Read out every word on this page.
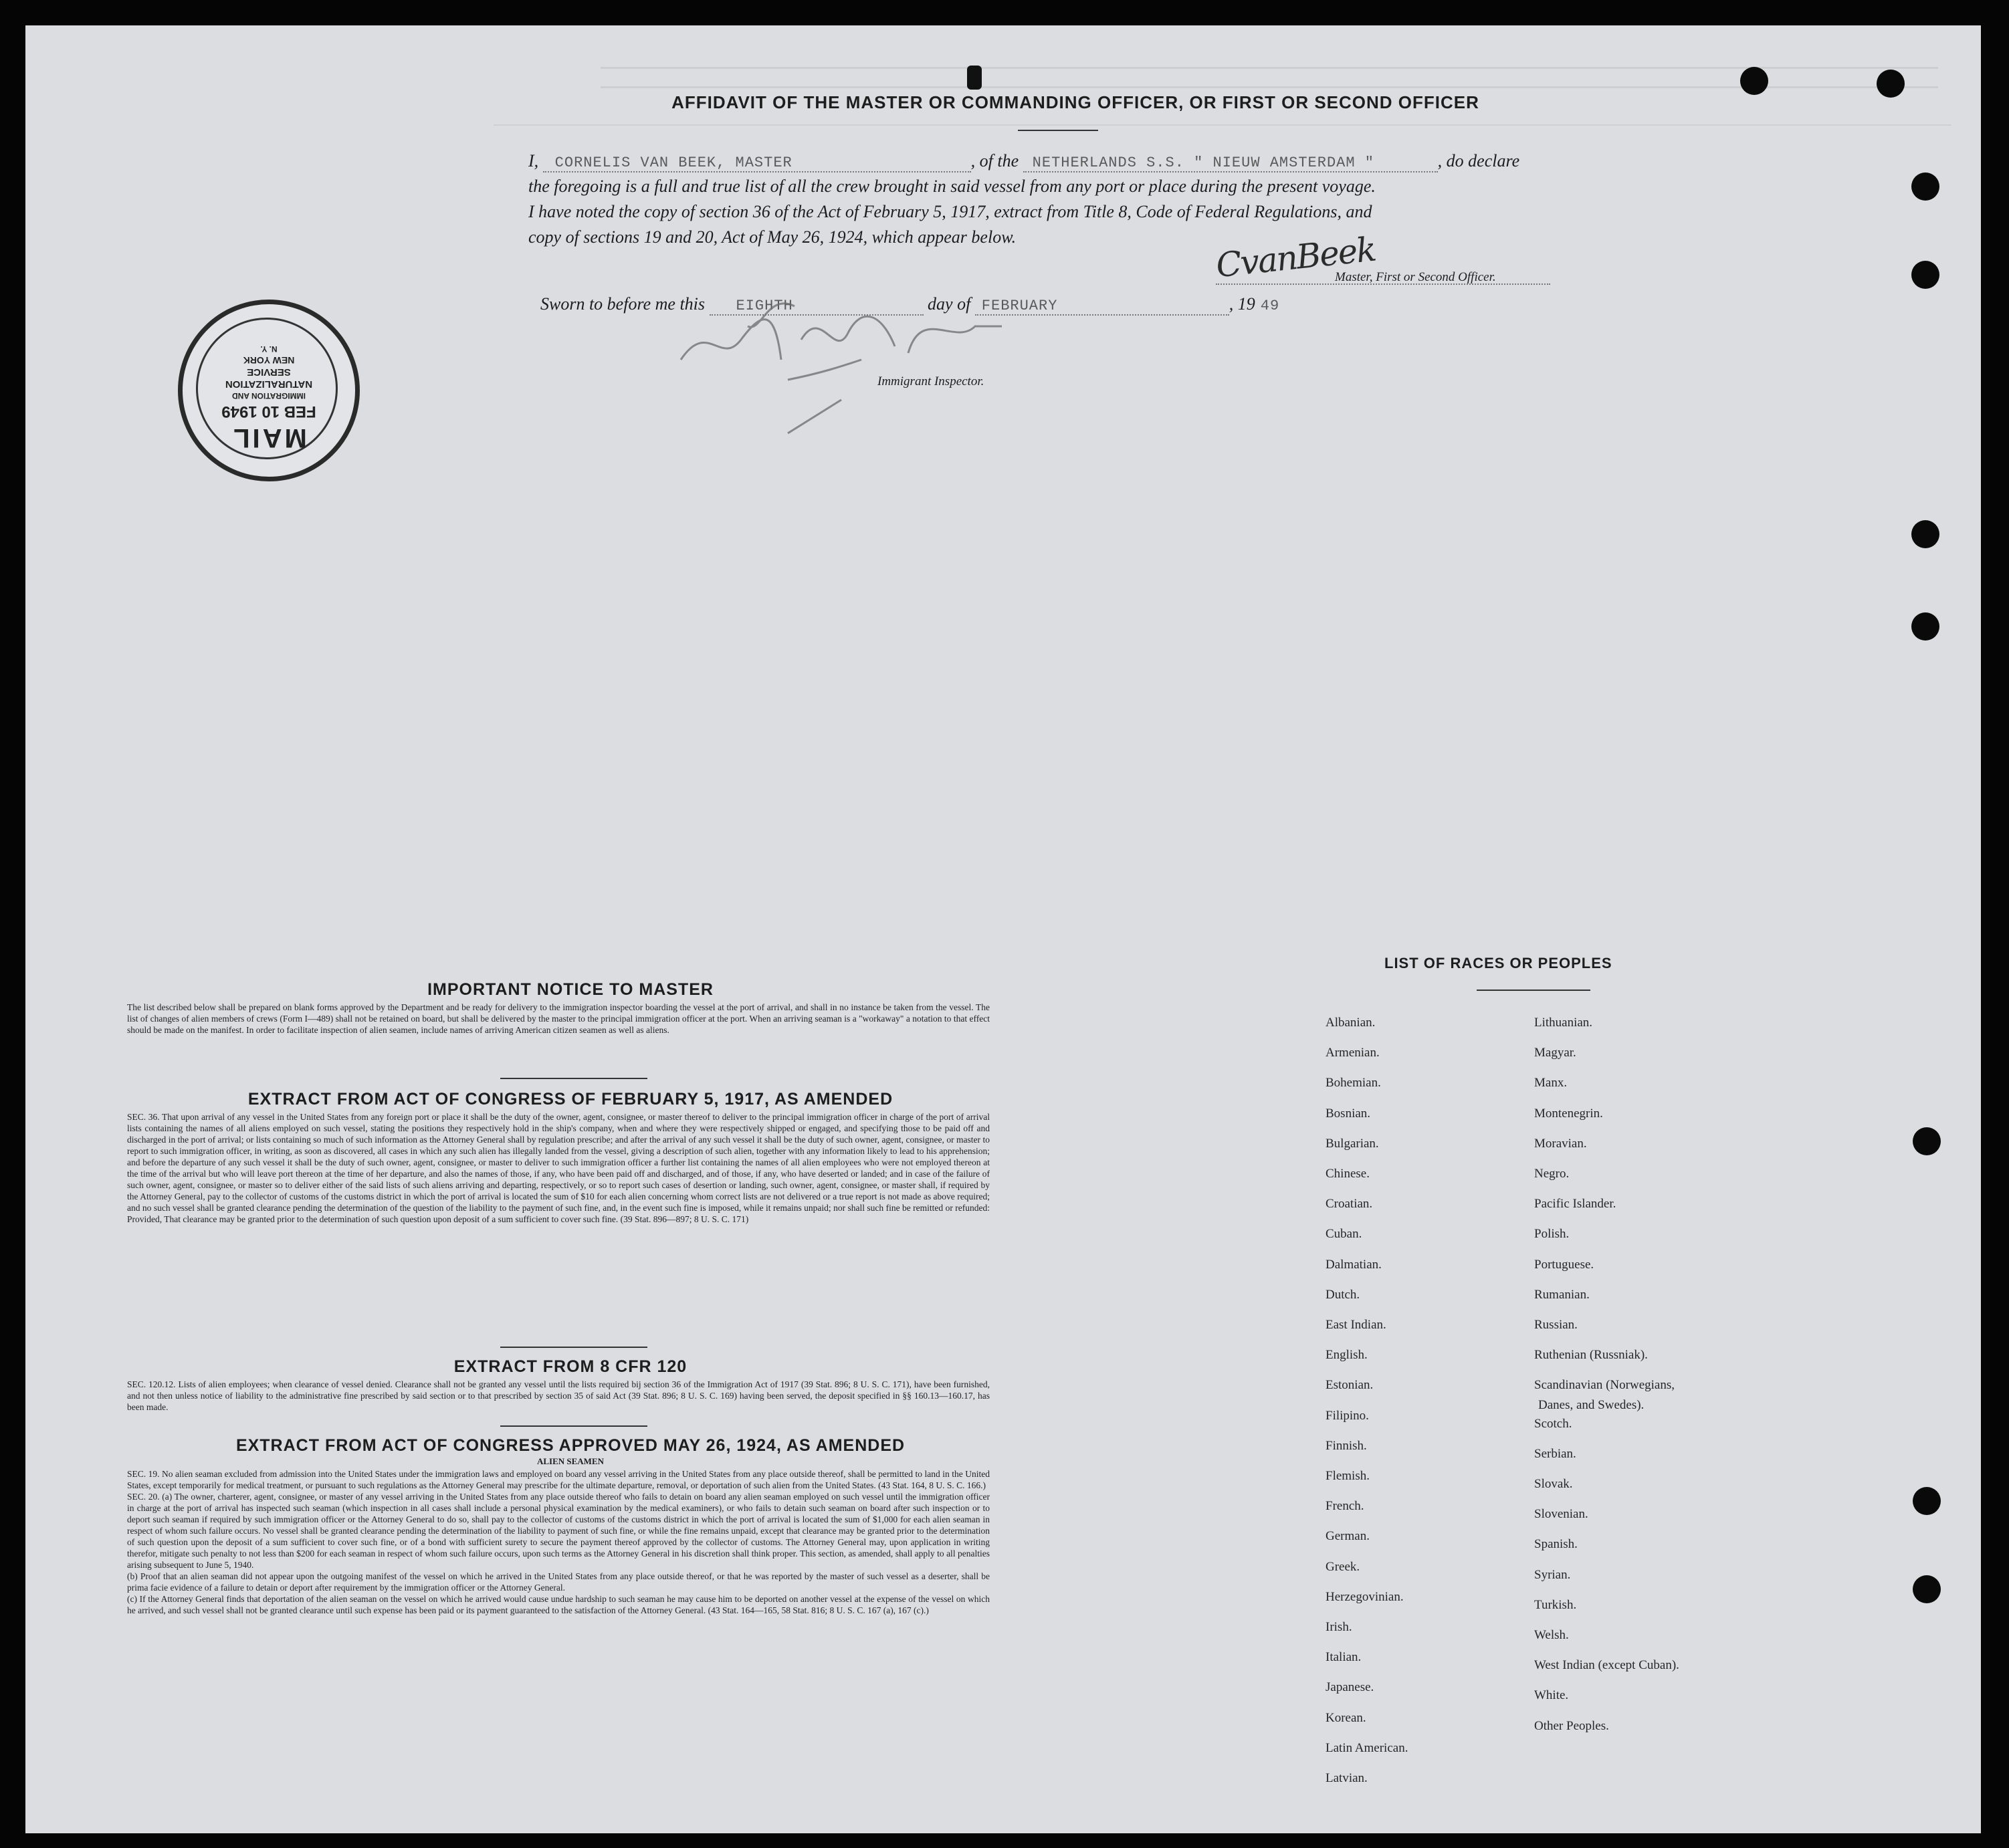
AFFIDAVIT OF THE MASTER OR COMMANDING OFFICER, OR FIRST OR SECOND OFFICER
I, CORNELIS VAN BEEK, MASTER	, of the NETHERLANDS S.S. " NIEUW AMSTERDAM "	, do declare
the foregoing is a full and true list of all the crew brought in said vessel from any port or place during the present voyage.
I have noted the copy of section 36 of the Act of February 5, 1917, extract from Title 8, Code of Federal Regulations, and
copy of sections 19 and 20, Act of May 26, 1924, which appear below.	CvanBeek
Master, First or Second Officer.
Sworn to before me this EIGHTH	day of FEBRUARY	, 19 49
Immigrant Inspector.
MAIL
FEB 10 1949
IMMIGRATION AND
NATURALIZATION
SERVICE
NEW YORK
N. Y.
IMPORTANT NOTICE TO MASTER
The list described below shall be prepared on blank forms approved by the Department and be ready for delivery to the immigration inspector boarding the vessel at the port of arrival, and shall in no instance be taken from the vessel. The list of changes of alien members of crews (Form I—489) shall not be retained on board, but shall be delivered by the master to the principal immigration officer at the port. When an arriving seaman is a "workaway" a notation to that effect should be made on the manifest. In order to facilitate inspection of alien seamen, include names of arriving American citizen seamen as well as aliens.
EXTRACT FROM ACT OF CONGRESS OF FEBRUARY 5, 1917, AS AMENDED
SEC. 36. That upon arrival of any vessel in the United States from any foreign port or place it shall be the duty of the owner, agent, consignee, or master thereof to deliver to the principal immigration officer in charge of the port of arrival lists containing the names of all aliens employed on such vessel, stating the positions they respectively hold in the ship's company, when and where they were respectively shipped or engaged, and specifying those to be paid off and discharged in the port of arrival; or lists containing so much of such information as the Attorney General shall by regulation prescribe; and after the arrival of any such vessel it shall be the duty of such owner, agent, consignee, or master to report to such immigration officer, in writing, as soon as discovered, all cases in which any such alien has illegally landed from the vessel, giving a description of such alien, together with any information likely to lead to his apprehension; and before the departure of any such vessel it shall be the duty of such owner, agent, consignee, or master to deliver to such immigration officer a further list containing the names of all alien employees who were not employed thereon at the time of the arrival but who will leave port thereon at the time of her departure, and also the names of those, if any, who have been paid off and discharged, and of those, if any, who have deserted or landed; and in case of the failure of such owner, agent, consignee, or master so to deliver either of the said lists of such aliens arriving and departing, respectively, or so to report such cases of desertion or landing, such owner, agent, consignee, or master shall, if required by the Attorney General, pay to the collector of customs of the customs district in which the port of arrival is located the sum of $10 for each alien concerning whom correct lists are not delivered or a true report is not made as above required; and no such vessel shall be granted clearance pending the determination of the question of the liability to the payment of such fine, and, in the event such fine is imposed, while it remains unpaid; nor shall such fine be remitted or refunded: Provided, That clearance may be granted prior to the determination of such question upon deposit of a sum sufficient to cover such fine. (39 Stat. 896—897; 8 U. S. C. 171)
EXTRACT FROM 8 CFR 120
SEC. 120.12. Lists of alien employees; when clearance of vessel denied. Clearance shall not be granted any vessel until the lists required bij section 36 of the Immigration Act of 1917 (39 Stat. 896; 8 U. S. C. 171), have been furnished, and not then unless notice of liability to the administrative fine prescribed by said section or to that prescribed by section 35 of said Act (39 Stat. 896; 8 U. S. C. 169) having been served, the deposit specified in §§ 160.13—160.17, has been made.
EXTRACT FROM ACT OF CONGRESS APPROVED MAY 26, 1924, AS AMENDED
ALIEN SEAMEN
SEC. 19. No alien seaman excluded from admission into the United States under the immigration laws and employed on board any vessel arriving in the United States from any place outside thereof, shall be permitted to land in the United States, except temporarily for medical treatment, or pursuant to such regulations as the Attorney General may prescribe for the ultimate departure, removal, or deportation of such alien from the United States. (43 Stat. 164, 8 U. S. C. 166.)
SEC. 20. (a) The owner, charterer, agent, consignee, or master of any vessel arriving in the United States from any place outside thereof who fails to detain on board any alien seaman employed on such vessel until the immigration officer in charge at the port of arrival has inspected such seaman (which inspection in all cases shall include a personal physical examination by the medical examiners), or who fails to detain such seaman on board after such inspection or to deport such seaman if required by such immigration officer or the Attorney General to do so, shall pay to the collector of customs of the customs district in which the port of arrival is located the sum of $1,000 for each alien seaman in respect of whom such failure occurs. No vessel shall be granted clearance pending the determination of the liability to payment of such fine, or while the fine remains unpaid, except that clearance may be granted prior to the determination of such question upon the deposit of a sum sufficient to cover such fine, or of a bond with sufficient surety to secure the payment thereof approved by the collector of customs. The Attorney General may, upon application in writing therefor, mitigate such penalty to not less than $200 for each seaman in respect of whom such failure occurs, upon such terms as the Attorney General in his discretion shall think proper. This section, as amended, shall apply to all penalties arising subsequent to June 5, 1940.
(b) Proof that an alien seaman did not appear upon the outgoing manifest of the vessel on which he arrived in the United States from any place outside thereof, or that he was reported by the master of such vessel as a deserter, shall be prima facie evidence of a failure to detain or deport after requirement by the immigration officer or the Attorney General.
(c) If the Attorney General finds that deportation of the alien seaman on the vessel on which he arrived would cause undue hardship to such seaman he may cause him to be deported on another vessel at the expense of the vessel on which he arrived, and such vessel shall not be granted clearance until such expense has been paid or its payment guaranteed to the satisfaction of the Attorney General. (43 Stat. 164—165, 58 Stat. 816; 8 U. S. C. 167 (a), 167 (c).)
LIST OF RACES OR PEOPLES
Albanian.
Armenian.
Bohemian.
Bosnian.
Bulgarian.
Chinese.
Croatian.
Cuban.
Dalmatian.
Dutch.
East Indian.
English.
Estonian.
Filipino.
Finnish.
Flemish.
French.
German.
Greek.
Herzegovinian.
Irish.
Italian.
Japanese.
Korean.
Latin American.
Latvian.
Lithuanian.
Magyar.
Manx.
Montenegrin.
Moravian.
Negro.
Pacific Islander.
Polish.
Portuguese.
Rumanian.
Russian.
Ruthenian (Russniak).
Scandinavian (Norwegians,
Danes, and Swedes).
Scotch.
Serbian.
Slovak.
Slovenian.
Spanish.
Syrian.
Turkish.
Welsh.
West Indian (except Cuban).
White.
Other Peoples.
